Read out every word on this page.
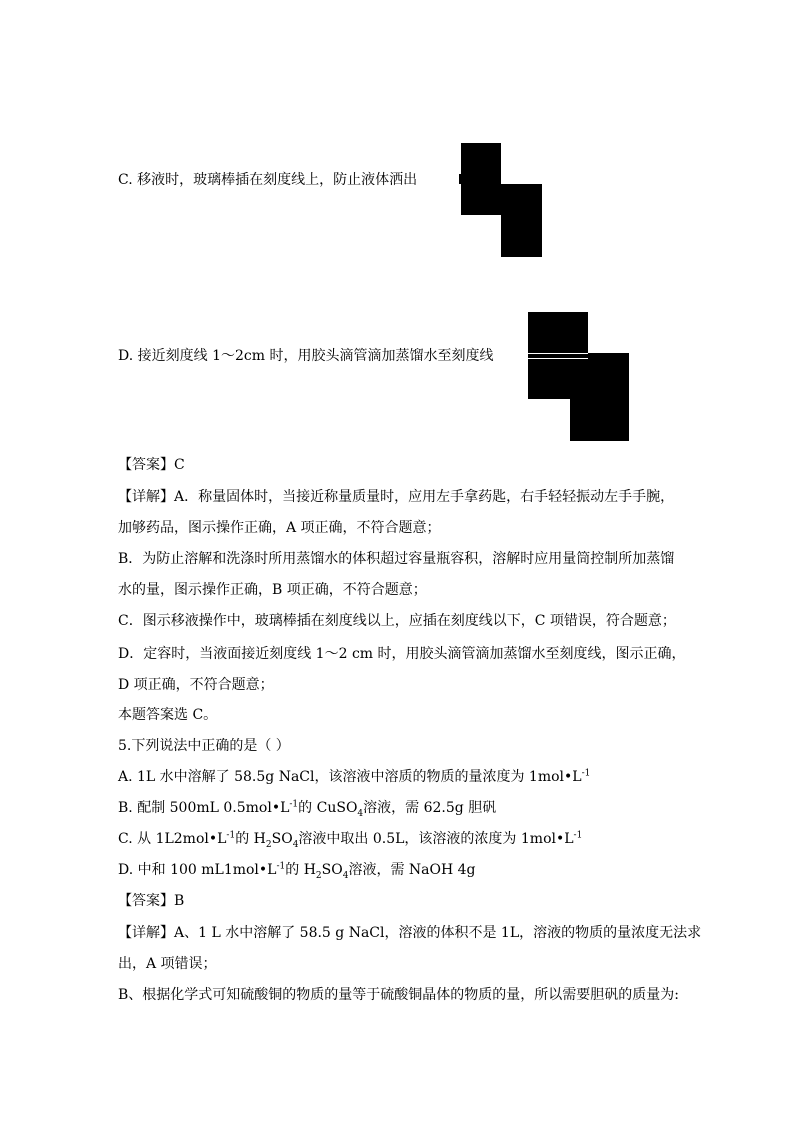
C. 移液时，玻璃棒插在刻度线上，防止液体洒出
D. 接近刻度线 1～2cm 时，用胶头滴管滴加蒸馏水至刻度线
【答案】C
【详解】A．称量固体时，当接近称量质量时，应用左手拿药匙，右手轻轻振动左手手腕，
加够药品，图示操作正确，A 项正确，不符合题意；
B．为防止溶解和洗涤时所用蒸馏水的体积超过容量瓶容积，溶解时应用量筒控制所加蒸馏
水的量，图示操作正确，B 项正确，不符合题意；
C．图示移液操作中，玻璃棒插在刻度线以上，应插在刻度线以下，C 项错误，符合题意；
D．定容时，当液面接近刻度线 1～2 cm 时，用胶头滴管滴加蒸馏水至刻度线，图示正确，
D 项正确，不符合题意；
本题答案选 C。
5.下列说法中正确的是（ ）
A. 1L 水中溶解了 58.5g NaCl，该溶液中溶质的物质的量浓度为 $1mol•L^{-1}$
B. 配制 500mL $0.5mol•L^{-1}$的 CuSO$_4$溶液，需 62.5g 胆矾
C. 从 $1L2mol•L^{-1}$的 $H_2SO_4$溶液中取出 0.5L，该溶液的浓度为 $1mol•L^{-1}$
D. 中和 100 $mL1mol•L^{-1}$的 $H_2SO_4$溶液，需 NaOH 4g
【答案】B
【详解】A、1 L 水中溶解了 58.5 g NaCl，溶液的体积不是 1L，溶液的物质的量浓度无法求
出，A 项错误；
B、根据化学式可知硫酸铜的物质的量等于硫酸铜晶体的物质的量，所以需要胆矾的质量为:
